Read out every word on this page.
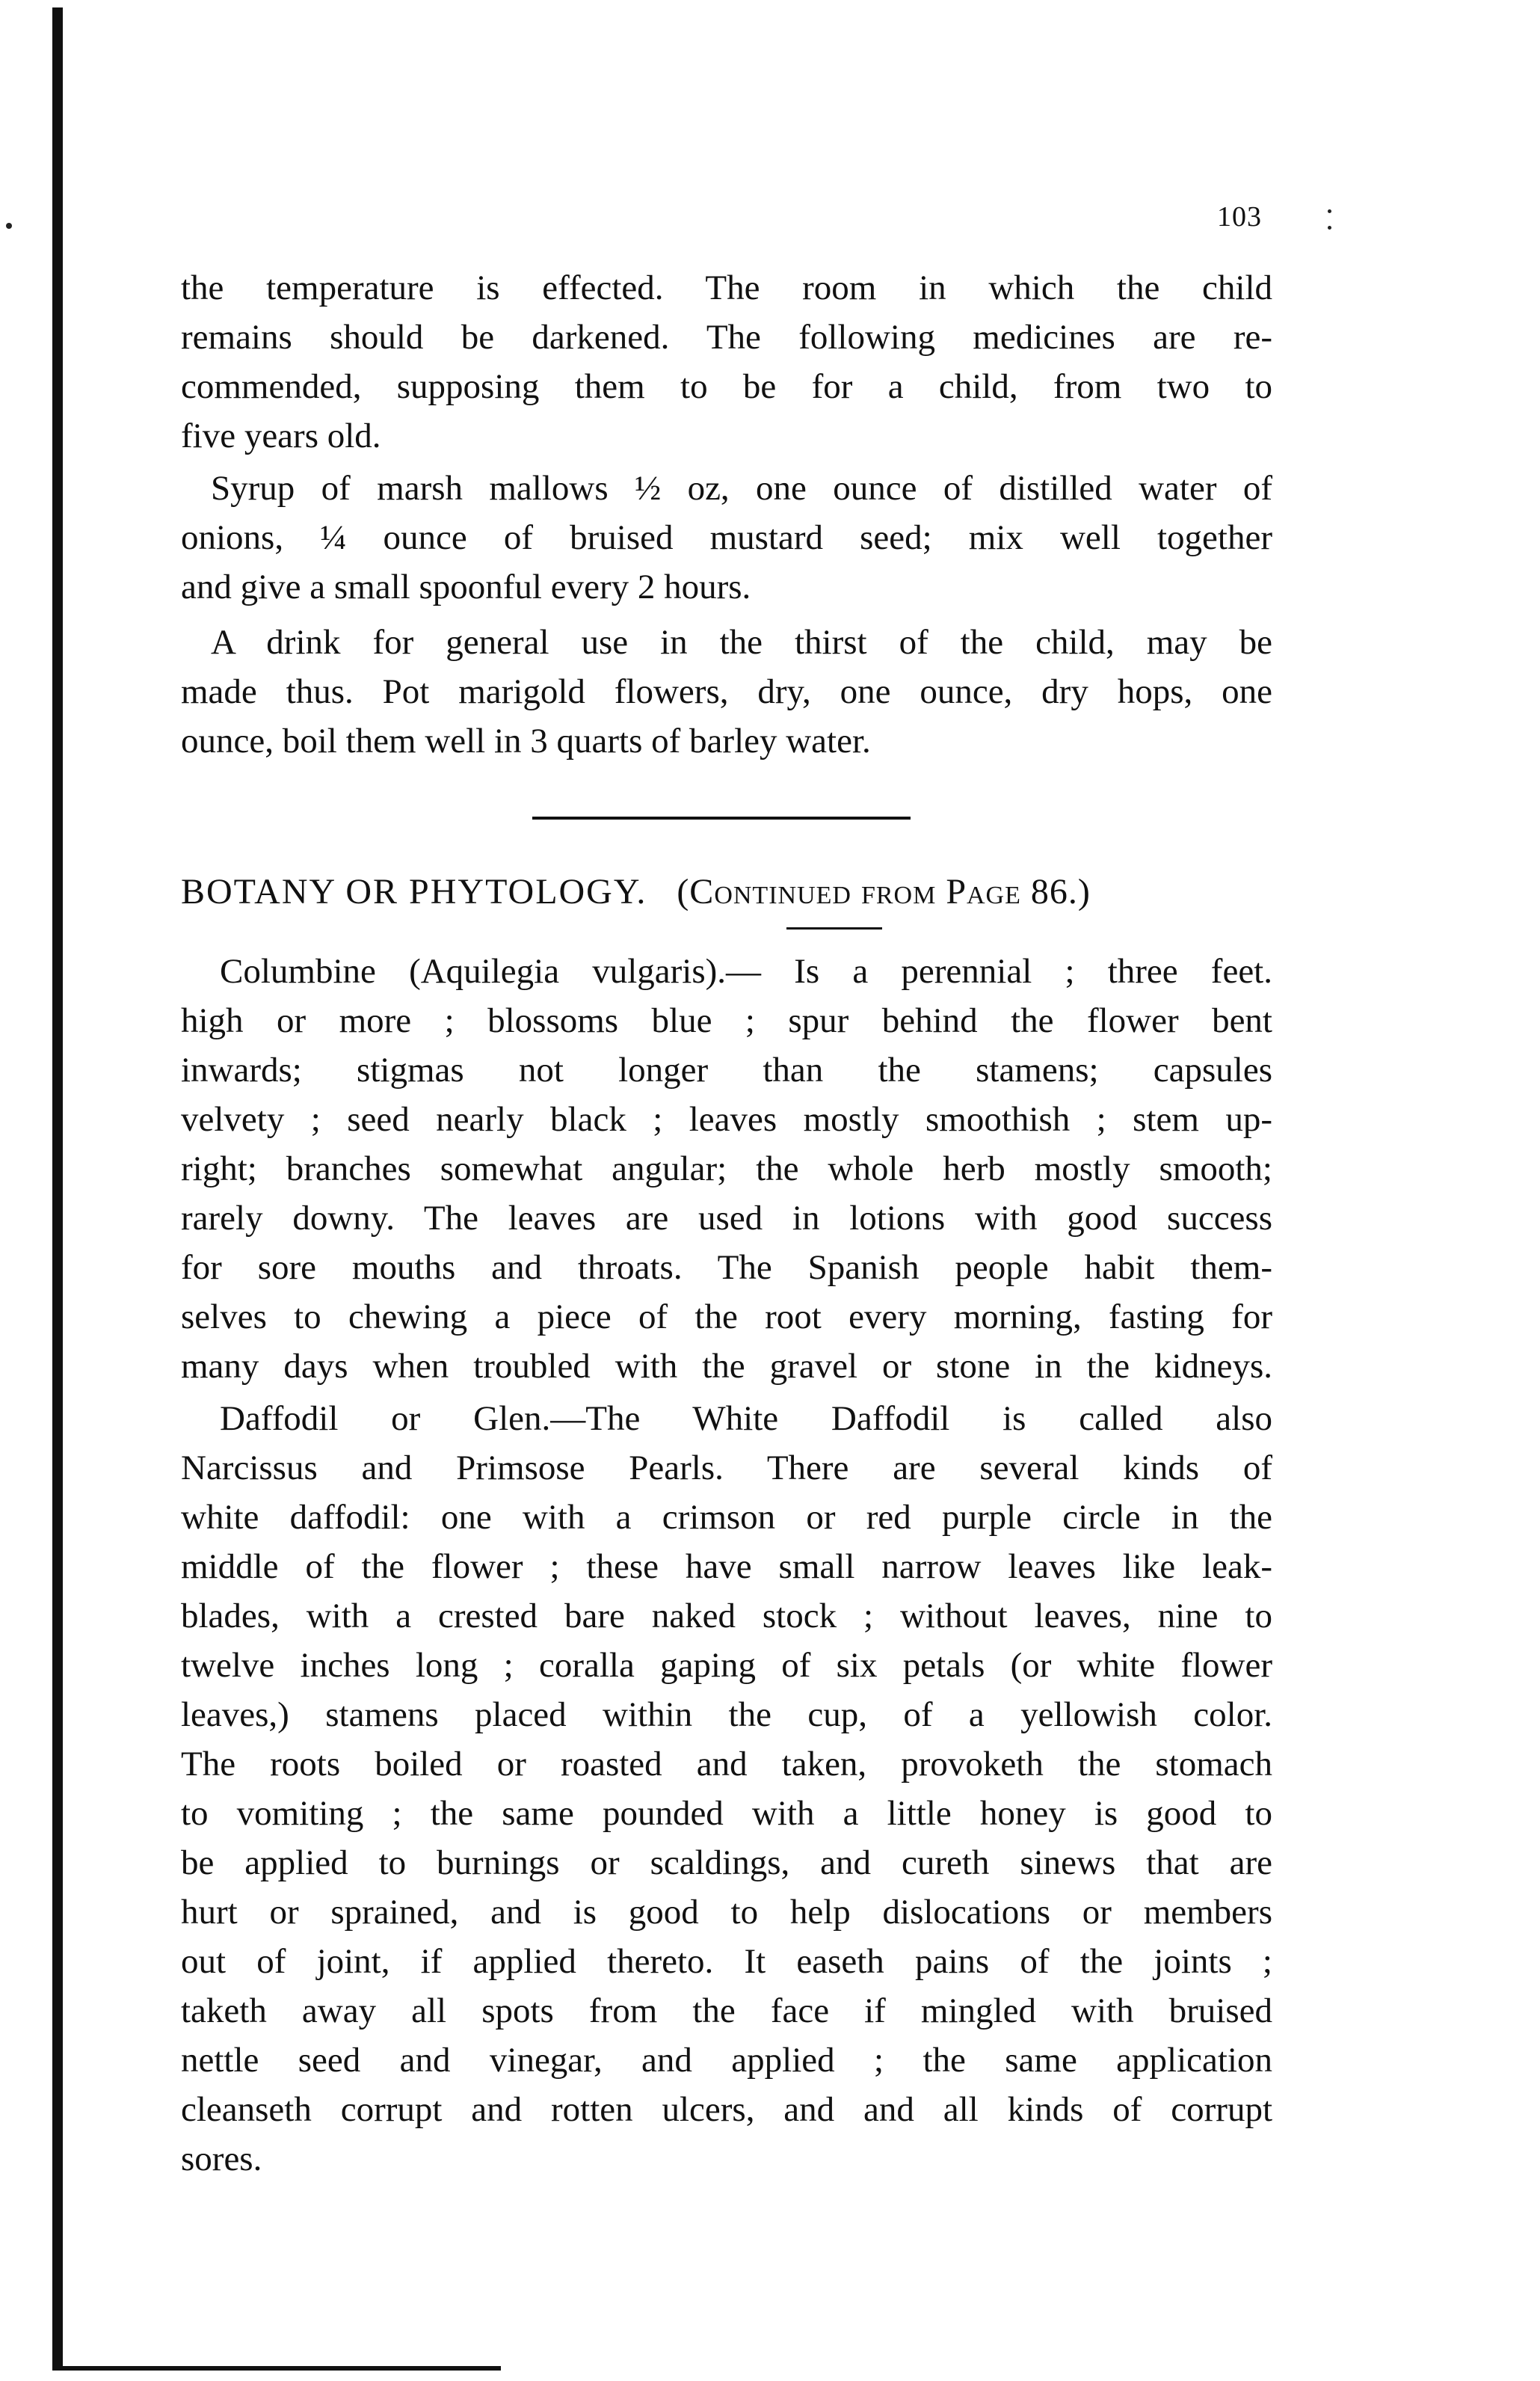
103

the temperature is effected. The room in which the child
remains should be darkened. The following medicines are re-
commended, supposing them to be for a child, from two to
five years old.

Syrup of marsh mallows ½ oz, one ounce of distilled water of
onions, ¼ ounce of bruised mustard seed; mix well together
and give a small spoonful every 2 hours.

A drink for general use in the thirst of the child, may be
made thus. Pot marigold flowers, dry, one ounce, dry hops, one
ounce, boil them well in 3 quarts of barley water.

BOTANY OR PHYTOLOGY. (Continued from Page 86.)

Columbine (Aquilegia vulgaris).— Is a perennial ; three feet.
high or more ; blossoms blue ; spur behind the flower bent
inwards; stigmas not longer than the stamens; capsules
velvety ; seed nearly black ; leaves mostly smoothish ; stem up-
right; branches somewhat angular; the whole herb mostly smooth;
rarely downy. The leaves are used in lotions with good success
for sore mouths and throats. The Spanish people habit them-
selves to chewing a piece of the root every morning, fasting for
many days when troubled with the gravel or stone in the kidneys.

Daffodil or Glen.—The White Daffodil is called also
Narcissus and Primsose Pearls. There are several kinds of
white daffodil: one with a crimson or red purple circle in the
middle of the flower ; these have small narrow leaves like leak-
blades, with a crested bare naked stock ; without leaves, nine to
twelve inches long ; coralla gaping of six petals (or white flower
leaves,) stamens placed within the cup, of a yellowish color.
The roots boiled or roasted and taken, provoketh the stomach
to vomiting ; the same pounded with a little honey is good to
be applied to burnings or scaldings, and cureth sinews that are
hurt or sprained, and is good to help dislocations or members
out of joint, if applied thereto. It easeth pains of the joints ;
taketh away all spots from the face if mingled with bruised
nettle seed and vinegar, and applied ; the same application
cleanseth corrupt and rotten ulcers, and and all kinds of corrupt
sores.
